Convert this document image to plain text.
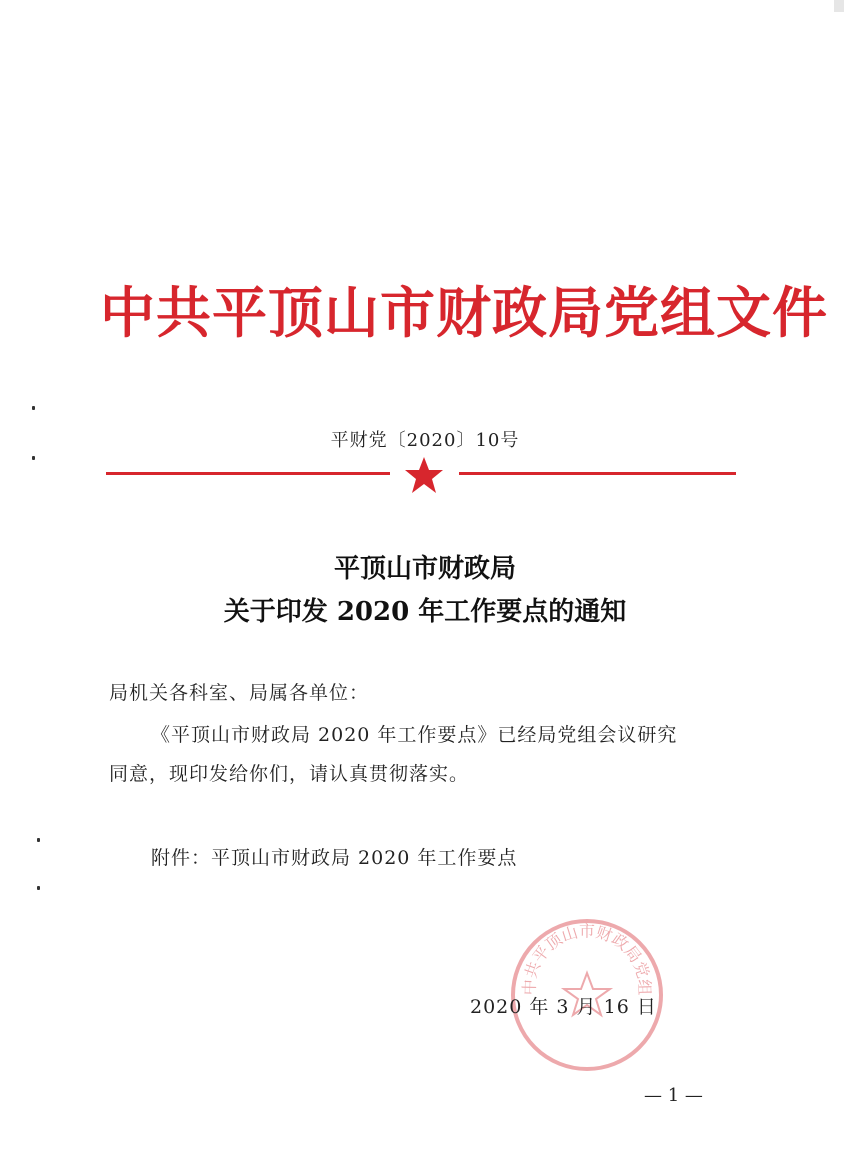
中共平顶山市财政局党组文件
平财党〔2020〕10号
平顶山市财政局
关于印发 2020 年工作要点的通知
局机关各科室、局属各单位：
《平顶山市财政局 2020 年工作要点》已经局党组会议研究
同意，现印发给你们，请认真贯彻落实。
附件：平顶山市财政局 2020 年工作要点
中共平顶山市财政局党组
2020 年 3 月 16 日
— 1 —
